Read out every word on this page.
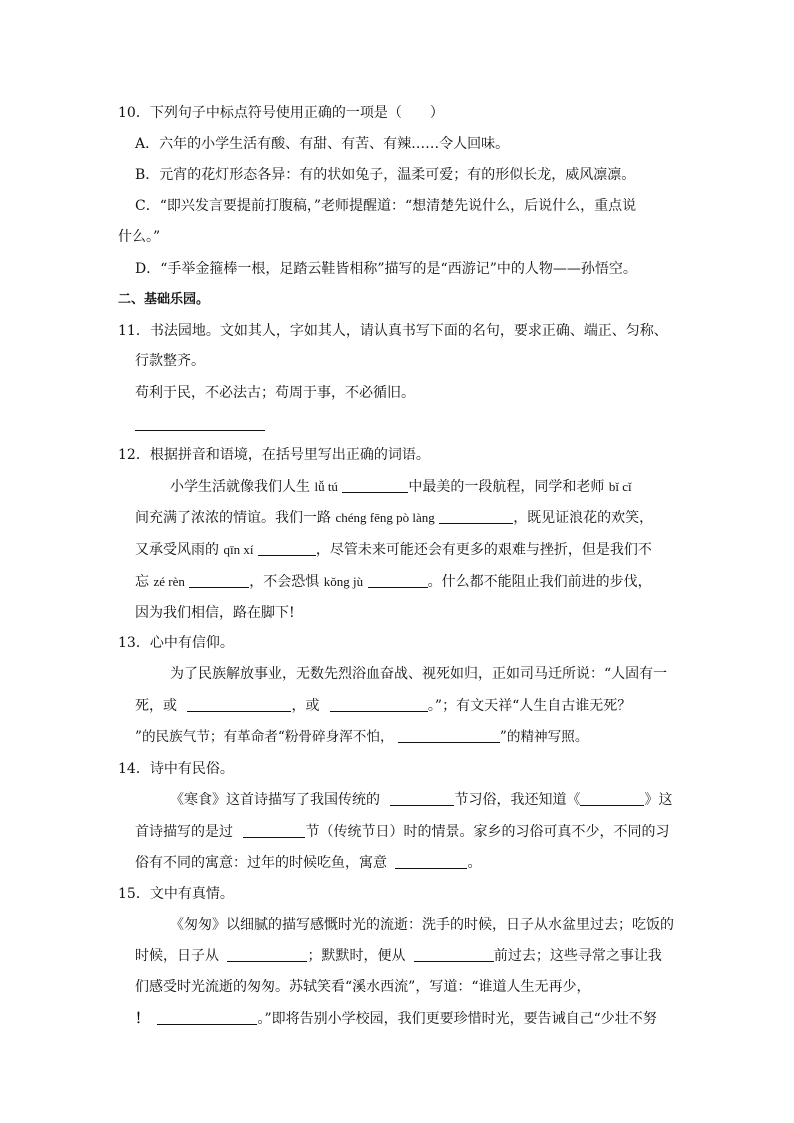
10．下列句子中标点符号使用正确的一项是（　　）
A．六年的小学生活有酸、有甜、有苦、有辣……令人回味。
B．元宵的花灯形态各异：有的状如兔子，温柔可爱；有的形似长龙，威风凛凛。
C．“即兴发言要提前打腹稿，”老师提醒道：“想清楚先说什么，后说什么，重点说
什么。”
D．“手举金箍棒一根，足踏云鞋皆相称”描写的是“西游记”中的人物——孙悟空。
二、基础乐园。
11．书法园地。文如其人，字如其人，请认真书写下面的名句，要求正确、端正、匀称、
行款整齐。
苟利于民，不必法古；苟周于事，不必循旧。
12．根据拼音和语境，在括号里写出正确的词语。
小学生活就像我们人生 lǚ tú	中最美的一段航程，同学和老师 bǐ cǐ
间充满了浓浓的情谊。我们一路 chéng fēng pò làng	，既见证浪花的欢笑，
又承受风雨的 qīn xí	，尽管未来可能还会有更多的艰难与挫折，但是我们不
忘 zé rèn	，不会恐惧 kǒng jù	。什么都不能阻止我们前进的步伐，
因为我们相信，路在脚下!
13．心中有信仰。
为了民族解放事业，无数先烈浴血奋战、视死如归，正如司马迁所说：“人固有一
死，或	，或	。”；有文天祥“人生自古谁无死？
”的民族气节；有革命者“粉骨碎身浑不怕，	”的精神写照。
14．诗中有民俗。
《寒食》这首诗描写了我国传统的	节习俗，我还知道《	》这
首诗描写的是过	节（传统节日）时的情景。家乡的习俗可真不少，不同的习
俗有不同的寓意：过年的时候吃鱼，寓意	。
15．文中有真情。
《匆匆》以细腻的描写感慨时光的流逝：洗手的时候，日子从水盆里过去；吃饭的
时候，日子从	；默默时，便从	前过去；这些寻常之事让我
们感受时光流逝的匆匆。苏轼笑看“溪水西流”，写道：“谁道人生无再少，
！	。”即将告别小学校园，我们更要珍惜时光，要告诫自己“少壮不努
